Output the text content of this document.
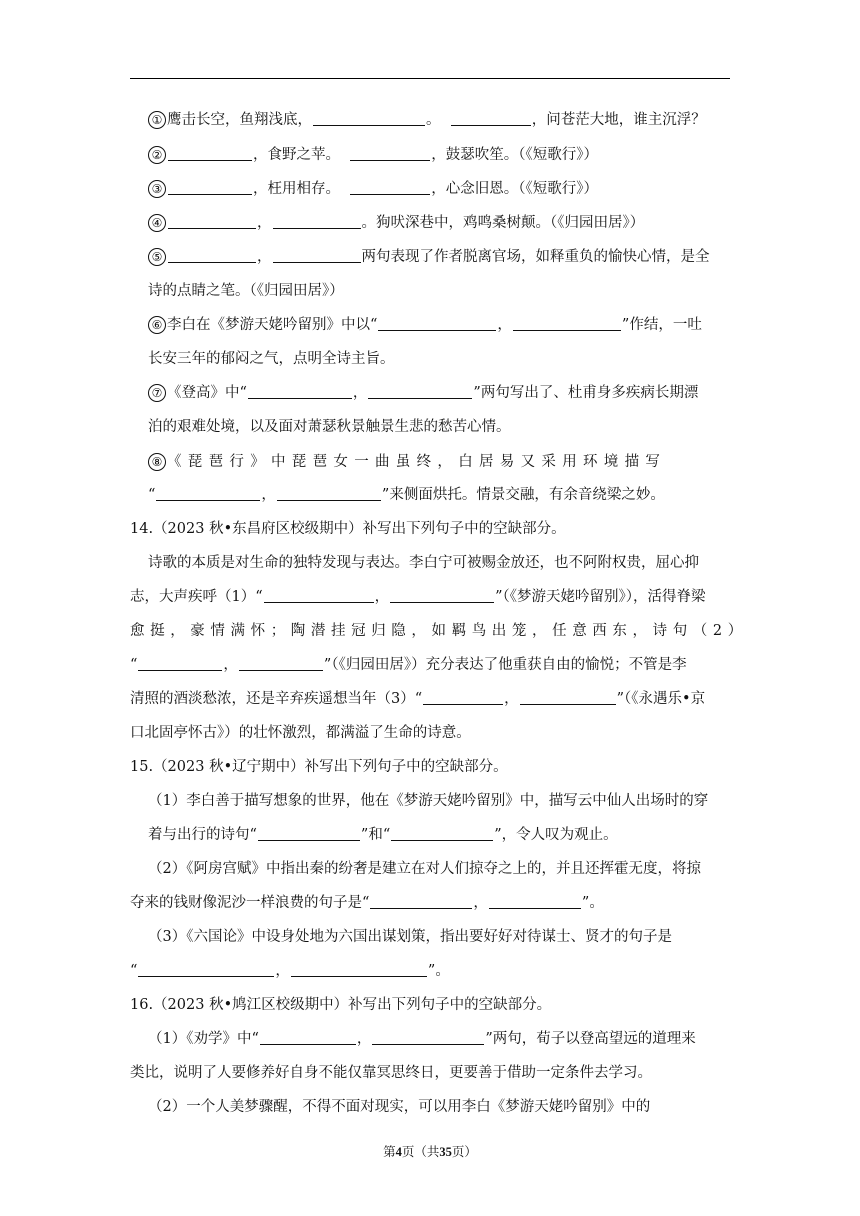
① 鹰击长空，鱼翔浅底，	。	，问苍茫大地，谁主沉浮？
②	，食野之苹。	，鼓瑟吹笙。（《短歌行》）
③	，枉用相存。	，心念旧恩。（《短歌行》）
④	，	。狗吠深巷中，鸡鸣桑树颠。（《归园田居》）
⑤	，	两句表现了作者脱离官场，如释重负的愉快心情，是全
诗的点睛之笔。（《归园田居》）
⑥ 李白在《梦游天姥吟留别》中以“	，	”作结，一吐
长安三年的郁闷之气，点明全诗主旨。
⑦ 《登高》中“	，	”两句写出了、杜甫身多疾病长期漂
泊的艰难处境，以及面对萧瑟秋景触景生悲的愁苦心情。
⑧ 《琵琶行》中琵琶女一曲虽终，白居易又采用环境描写
“	，	”来侧面烘托。情景交融，有余音绕梁之妙。
14.（2023 秋•东昌府区校级期中）补写出下列句子中的空缺部分。
诗歌的本质是对生命的独特发现与表达。李白宁可被赐金放还，也不阿附权贵，屈心抑
志，大声疾呼（1）“	，	”（《梦游天姥吟留别》），活得脊梁
愈挺，豪情满怀；陶潜挂冠归隐，如羁鸟出笼，任意西东，诗句（2）
“	，	”（《归园田居》）充分表达了他重获自由的愉悦；不管是李
清照的酒淡愁浓，还是辛弃疾遥想当年（3）“	，	”（《永遇乐•京
口北固亭怀古》）的壮怀激烈，都满溢了生命的诗意。
15.（2023 秋•辽宁期中）补写出下列句子中的空缺部分。
（1）李白善于描写想象的世界，他在《梦游天姥吟留别》中，描写云中仙人出场时的穿
着与出行的诗句“	”和“	”，令人叹为观止。
（2）《阿房宫赋》中指出秦的纷奢是建立在对人们掠夺之上的，并且还挥霍无度，将掠
夺来的钱财像泥沙一样浪费的句子是“	，	”。
（3）《六国论》中设身处地为六国出谋划策，指出要好好对待谋士、贤才的句子是
“	，	”。
16.（2023 秋•鸠江区校级期中）补写出下列句子中的空缺部分。
（1）《劝学》中“	，	”两句，荀子以登高望远的道理来
类比，说明了人要修养好自身不能仅靠冥思终日，更要善于借助一定条件去学习。
（2）一个人美梦骤醒，不得不面对现实，可以用李白《梦游天姥吟留别》中的
第4页（共35页）
